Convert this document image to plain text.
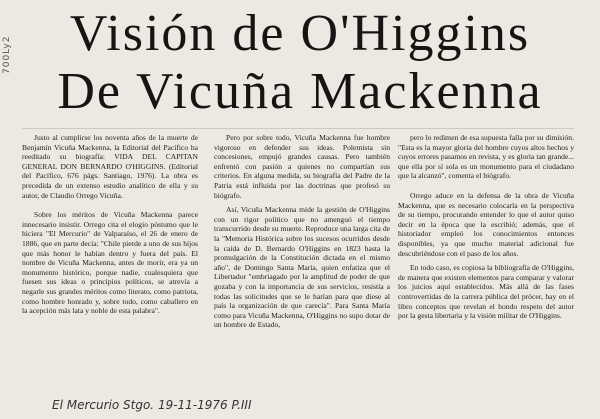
700Ly2	Visión de O'Higgins
De Vicuña Mackenna

Justo al cumplirse los noventa años de la muerte de Benjamín Vicuña Mackenna, la Editorial del Pacífico ha reeditado su biografía: VIDA DEL CAPITAN GENERAL DON BERNARDO O'HIGGINS. (Editorial del Pacífico, 676 págs. Santiago, 1976). La obra es precedida de un extenso estudio analítico de ella y su autor, de Claudio Orrego Vicuña.

Sobre los méritos de Vicuña Mackenna parece innecesario insistir. Orrego cita el elogio póstumo que le hiciera "El Mercurio" de Valparaíso, el 26 de enero de 1886, que en parte decía: "Chile pierde a uno de sus hijos que más honor le habían dentro y fuera del país. El nombre de Vicuña Mackenna, antes de morir, era ya un monumento histórico, porque nadie, cualesquiera que fuesen sus ideas o principios políticos, se atrevía a negarle sus grandes méritos como literato, como patriota, como hombre honrado y, sobre todo, como caballero en la acepción más lata y noble de esta palabra".

Pero por sobre todo, Vicuña Mackenna fue hombre vigoroso en defender sus ideas. Polemista sin concesiones, empujó grandes causas. Pero también enfrentó con pasión a quienes no compartían sus criterios. En alguna medida, su biografía del Padre de la Patria está influida por las doctrinas que profesó su biógrafo.

Así, Vicuña Mackenna mide la gestión de O'Higgins con un rigor político que no amenguó el tiempo transcurrido desde su muerte. Reproduce una larga cita de la "Memoria Histórica sobre los sucesos ocurridos desde la caída de D. Bernardo O'Higgins en 1823 hasta la promulgación de la Constitución dictada en el mismo año", de Domingo Santa María, quien enfatiza que el Libertador "embriagado por la amplitud de poder de que gozaba y con la importancia de sus servicios, resistía a todas las solicitudes que se le harían para que diese al país la organización de que carecía". Para Santa María como para Vicuña Mackenna, O'Higgins no supo dotar de un hombre de Estado,

pero lo redimen de esa supuesta falla por su dimisión. "Esta es la mayor gloria del hombre cuyos altos hechos y cuyos errores pasamos en revista, y es gloria tan grande... que ella por sí sola es un monumento para el ciudadano que la alcanzó", comenta el biógrafo.

Orrego aduce en la defensa de la obra de Vicuña Mackenna, que es necesario colocarla en la perspectiva de su tiempo, procurando entender lo que el autor quiso decir en la época que la escribió; además, que el historiador empleó los conocimientos entonces disponibles, ya que mucho material adicional fue descubriéndose con el paso de los años.

En todo caso, es copiosa la bibliografía de O'Higgins, de manera que existen elementos para comparar y valorar los juicios aquí establecidos. Más allá de las fases controvertidas de la carrera pública del prócer, hay en el libro conceptos que revelan el hondo respeto del autor por la gesta libertaria y la visión militar de O'Higgins.

El Mercurio Stgo. 19-11-1976 P.III
